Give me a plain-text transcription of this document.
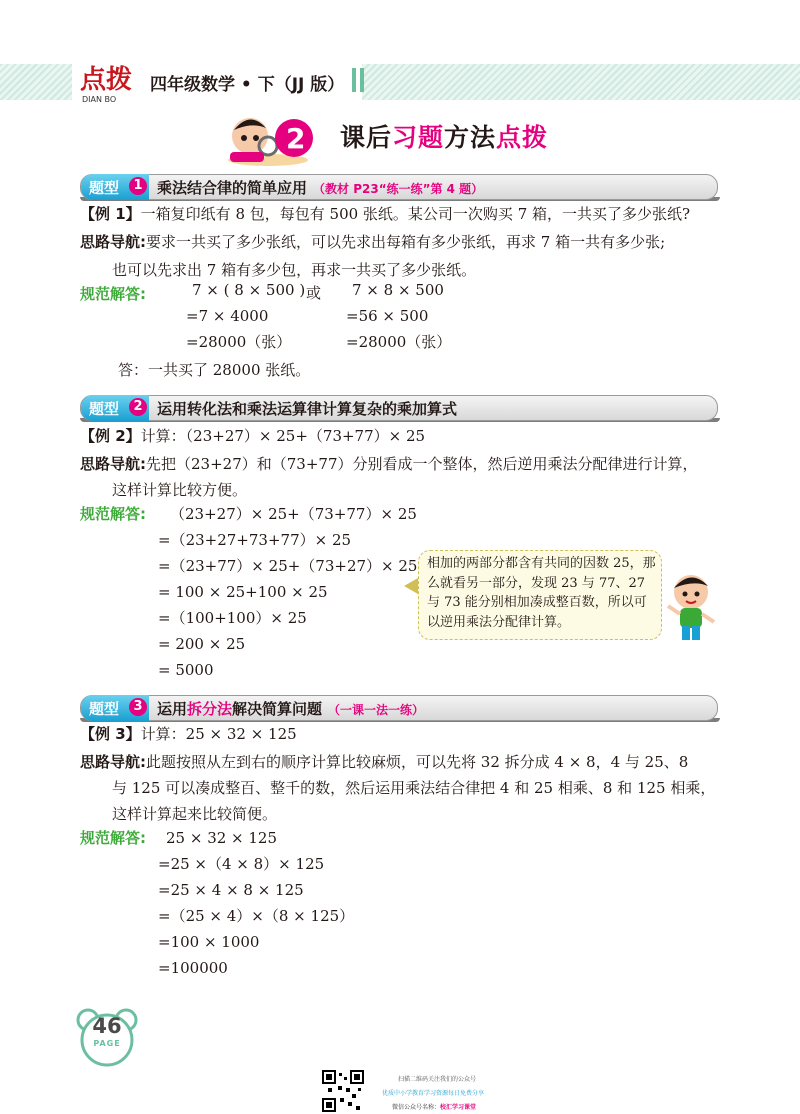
点拨
DIAN BO
四年级数学 • 下（JJ 版）
2 课后习题方法点拨
题型	1 乘法结合律的简单应用 （教材 P23“练一练”第 4 题）
【例 1】一箱复印纸有 8 包，每包有 500 张纸。某公司一次购买 7 箱，一共买了多少张纸?
思路导航:要求一共买了多少张纸，可以先求出每箱有多少张纸，再求 7 箱一共有多少张;
也可以先求出 7 箱有多少包，再求一共买了多少张纸。
规范解答:	7 × ( 8 × 500 ) 或 7 × 8 × 500
=7 × 4000	=56 × 500
=28000（张）	=28000（张）
答：一共买了 28000 张纸。
题型	2 运用转化法和乘法运算律计算复杂的乘加算式
【例 2】计算：（23+27）× 25+（73+77）× 25
思路导航:先把（23+27）和（73+77）分别看成一个整体，然后逆用乘法分配律进行计算，
这样计算比较方便。
规范解答: （23+27）× 25+（73+77）× 25
=（23+27+73+77）× 25
=（23+77）× 25+（73+27）× 25
= 100 × 25+100 × 25
=（100+100）× 25
= 200 × 25
= 5000
相加的两部分都含有共同的因数 25，那么就看另一部分，发现 23 与 77、27 与 73 能分别相加凑成整百数，所以可以逆用乘法分配律计算。
题型	3 运用拆分法解决简算问题 （一课一法一练）
【例 3】计算：25 × 32 × 125
思路导航:此题按照从左到右的顺序计算比较麻烦，可以先将 32 拆分成 4 × 8，4 与 25、8
与 125 可以凑成整百、整千的数，然后运用乘法结合律把 4 和 25 相乘、8 和 125 相乘，
这样计算起来比较简便。
规范解答: 25 × 32 × 125
=25 ×（4 × 8）× 125
=25 × 4 × 8 × 125
=（25 × 4）×（8 × 125）
=100 × 1000
=100000
46
PAGE
扫描二维码关注我们的公众号
优质中小学教育学习资源每日免费分享
微信公众号名称：校汇学习课堂
